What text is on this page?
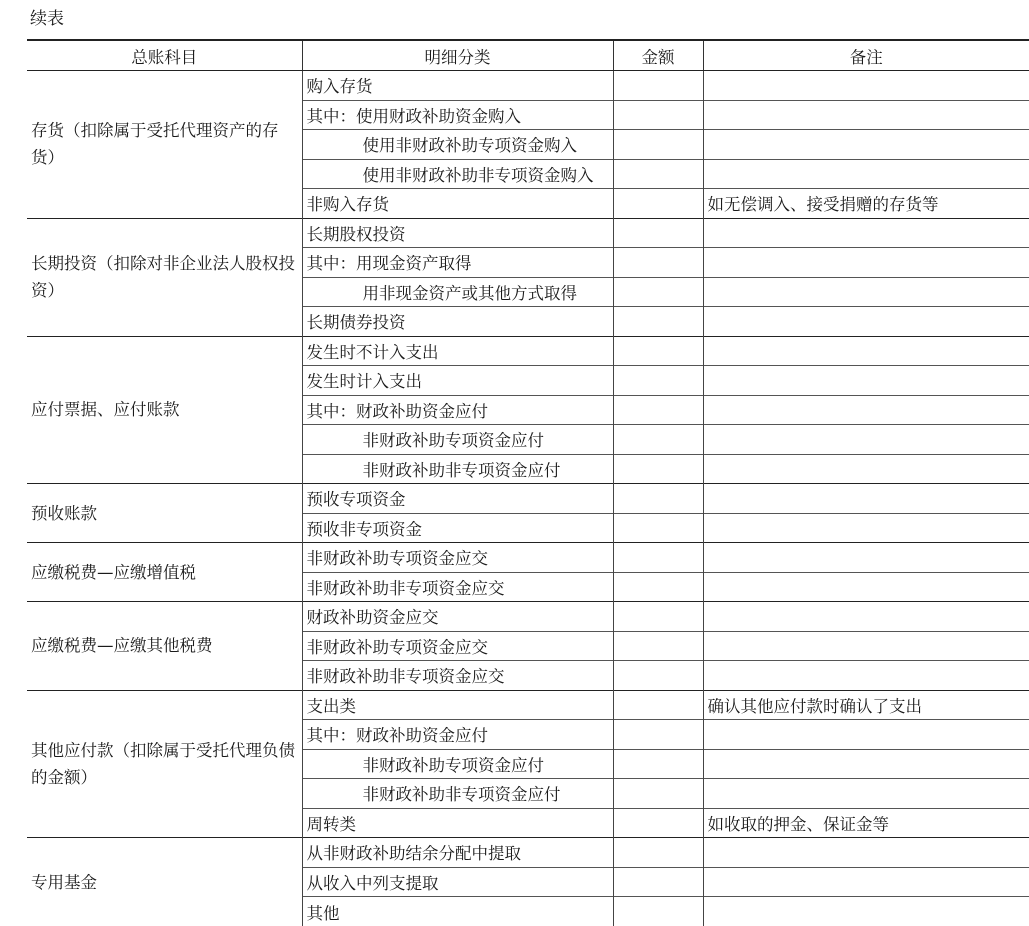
续表
总账科目	明细分类	金额	备注
存货（扣除属于受托代理资产的存货）	购入存货		
	其中：使用财政补助资金购入		
	使用非财政补助专项资金购入		
	使用非财政补助非专项资金购入		
	非购入存货		如无偿调入、接受捐赠的存货等
长期投资（扣除对非企业法人股权投资）	长期股权投资		
	其中：用现金资产取得		
	用非现金资产或其他方式取得		
	长期债券投资		
应付票据、应付账款	发生时不计入支出		
	发生时计入支出		
	其中：财政补助资金应付		
	非财政补助专项资金应付		
	非财政补助非专项资金应付		
预收账款	预收专项资金		
	预收非专项资金		
应缴税费—应缴增值税	非财政补助专项资金应交		
	非财政补助非专项资金应交		
应缴税费—应缴其他税费	财政补助资金应交		
	非财政补助专项资金应交		
	非财政补助非专项资金应交		
其他应付款（扣除属于受托代理负债的金额）	支出类		确认其他应付款时确认了支出
	其中：财政补助资金应付		
	非财政补助专项资金应付		
	非财政补助非专项资金应付		
	周转类		如收取的押金、保证金等
专用基金	从非财政补助结余分配中提取		
	从收入中列支提取		
	其他		
